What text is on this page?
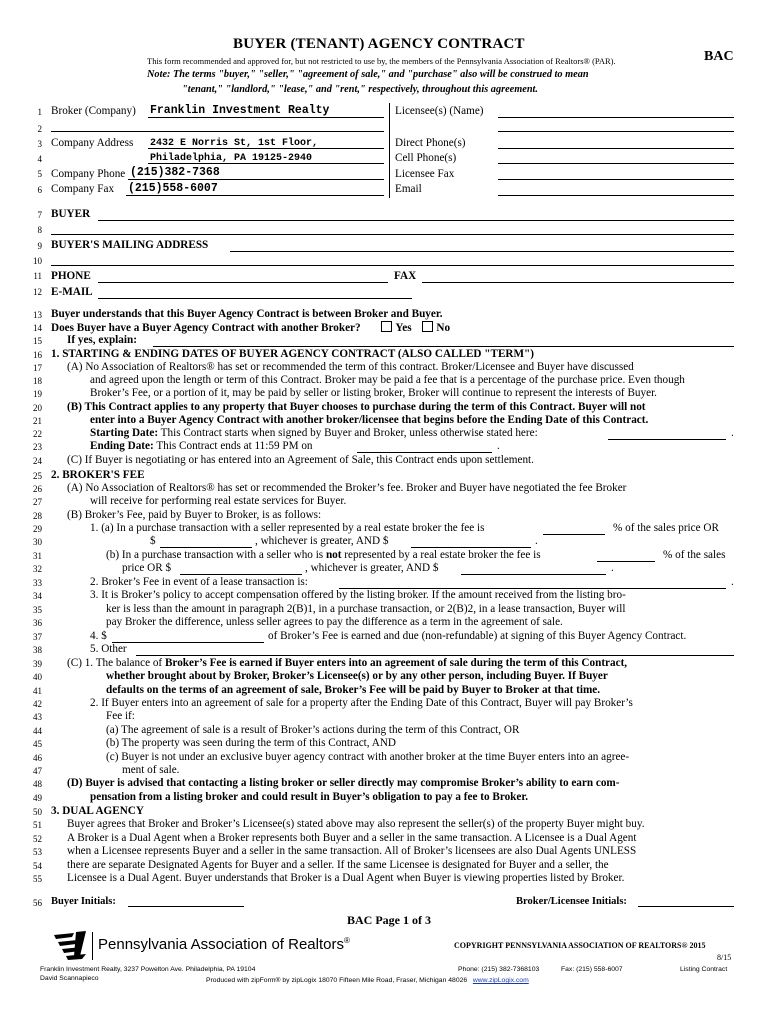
BUYER (TENANT) AGENCY CONTRACT
BAC
This form recommended and approved for, but not restricted to use by, the members of the Pennsylvania Association of Realtors® (PAR).
Note: The terms "buyer," "seller," "agreement of sale," and "purchase" also will be construed to mean
"tenant," "landlord," "lease," and "rent," respectively, throughout this agreement.
1
2
3
4
5
6
7
8
9
10
11
12
13
14
15
16
17
18
19
20
21
22
23
24
25
26
27
28
29
30
31
32
33
34
35
36
37
38
39
40
41
42
43
44
45
46
47
48
49
50
51
52
53
54
55
56
Broker (Company) Franklin Investment Realty
Company Address 2432 E Norris St, 1st Floor,
Philadelphia, PA 19125-2940
Company Phone (215)382-7368
Company Fax (215)558-6007
Licensee(s) (Name)
Direct Phone(s)
Cell Phone(s)
Licensee Fax
Email
BUYER
BUYER'S MAILING ADDRESS
PHONE	FAX
E-MAIL
Buyer understands that this Buyer Agency Contract is between Broker and Buyer.
Does Buyer have a Buyer Agency Contract with another Broker?	Yes No
If yes, explain:
1. STARTING & ENDING DATES OF BUYER AGENCY CONTRACT (ALSO CALLED "TERM")
(A) No Association of Realtors® has set or recommended the term of this contract. Broker/Licensee and Buyer have discussed
and agreed upon the length or term of this Contract. Broker may be paid a fee that is a percentage of the purchase price. Even though
Broker’s Fee, or a portion of it, may be paid by seller or listing broker, Broker will continue to represent the interests of Buyer.
(B) This Contract applies to any property that Buyer chooses to purchase during the term of this Contract. Buyer will not
enter into a Buyer Agency Contract with another broker/licensee that begins before the Ending Date of this Contract.
Starting Date: This Contract starts when signed by Buyer and Broker, unless otherwise stated here:	.
Ending Date: This Contract ends at 11:59 PM on	.
(C) If Buyer is negotiating or has entered into an Agreement of Sale, this Contract ends upon settlement.
2. BROKER'S FEE
(A) No Association of Realtors® has set or recommended the Broker’s fee. Broker and Buyer have negotiated the fee Broker
will receive for performing real estate services for Buyer.
(B) Broker’s Fee, paid by Buyer to Broker, is as follows:
1. (a) In a purchase transaction with a seller represented by a real estate broker the fee is	% of the sales price OR
$	, whichever is greater, AND $	.
(b) In a purchase transaction with a seller who is not represented by a real estate broker the fee is	% of the sales
price OR $	, whichever is greater, AND $	.
2. Broker’s Fee in event of a lease transaction is:	.
3. It is Broker’s policy to accept compensation offered by the listing broker. If the amount received from the listing bro-
ker is less than the amount in paragraph 2(B)1, in a purchase transaction, or 2(B)2, in a lease transaction, Buyer will
pay Broker the difference, unless seller agrees to pay the difference as a term in the agreement of sale.
4. $	of Broker’s Fee is earned and due (non-refundable) at signing of this Buyer Agency Contract.
5. Other
(C) 1. The balance of Broker’s Fee is earned if Buyer enters into an agreement of sale during the term of this Contract,
whether brought about by Broker, Broker’s Licensee(s) or by any other person, including Buyer. If Buyer
defaults on the terms of an agreement of sale, Broker’s Fee will be paid by Buyer to Broker at that time.
2. If Buyer enters into an agreement of sale for a property after the Ending Date of this Contract, Buyer will pay Broker’s
Fee if:
(a) The agreement of sale is a result of Broker’s actions during the term of this Contract, OR
(b) The property was seen during the term of this Contract, AND
(c) Buyer is not under an exclusive buyer agency contract with another broker at the time Buyer enters into an agree-
ment of sale.
(D) Buyer is advised that contacting a listing broker or seller directly may compromise Broker’s ability to earn com-
pensation from a listing broker and could result in Buyer’s obligation to pay a fee to Broker.
3. DUAL AGENCY
Buyer agrees that Broker and Broker’s Licensee(s) stated above may also represent the seller(s) of the property Buyer might buy.
A Broker is a Dual Agent when a Broker represents both Buyer and a seller in the same transaction. A Licensee is a Dual Agent
when a Licensee represents Buyer and a seller in the same transaction. All of Broker’s licensees are also Dual Agents UNLESS
there are separate Designated Agents for Buyer and a seller. If the same Licensee is designated for Buyer and a seller, the
Licensee is a Dual Agent. Buyer understands that Broker is a Dual Agent when Buyer is viewing properties listed by Broker.
Buyer Initials:	Broker/Licensee Initials:
BAC Page 1 of 3
Pennsylvania Association of Realtors®
COPYRIGHT PENNSYLVANIA ASSOCIATION OF REALTORS® 2015
8/15
Franklin Investment Realty, 3237 Powelton Ave. Philadelphia, PA 19104
David Scannapieco
Phone: (215) 382-7368103	Fax: (215) 558-6007	Listing Contract
Produced with zipForm® by zipLogix 18070 Fifteen Mile Road, Fraser, Michigan 48026 www.zipLogix.com
